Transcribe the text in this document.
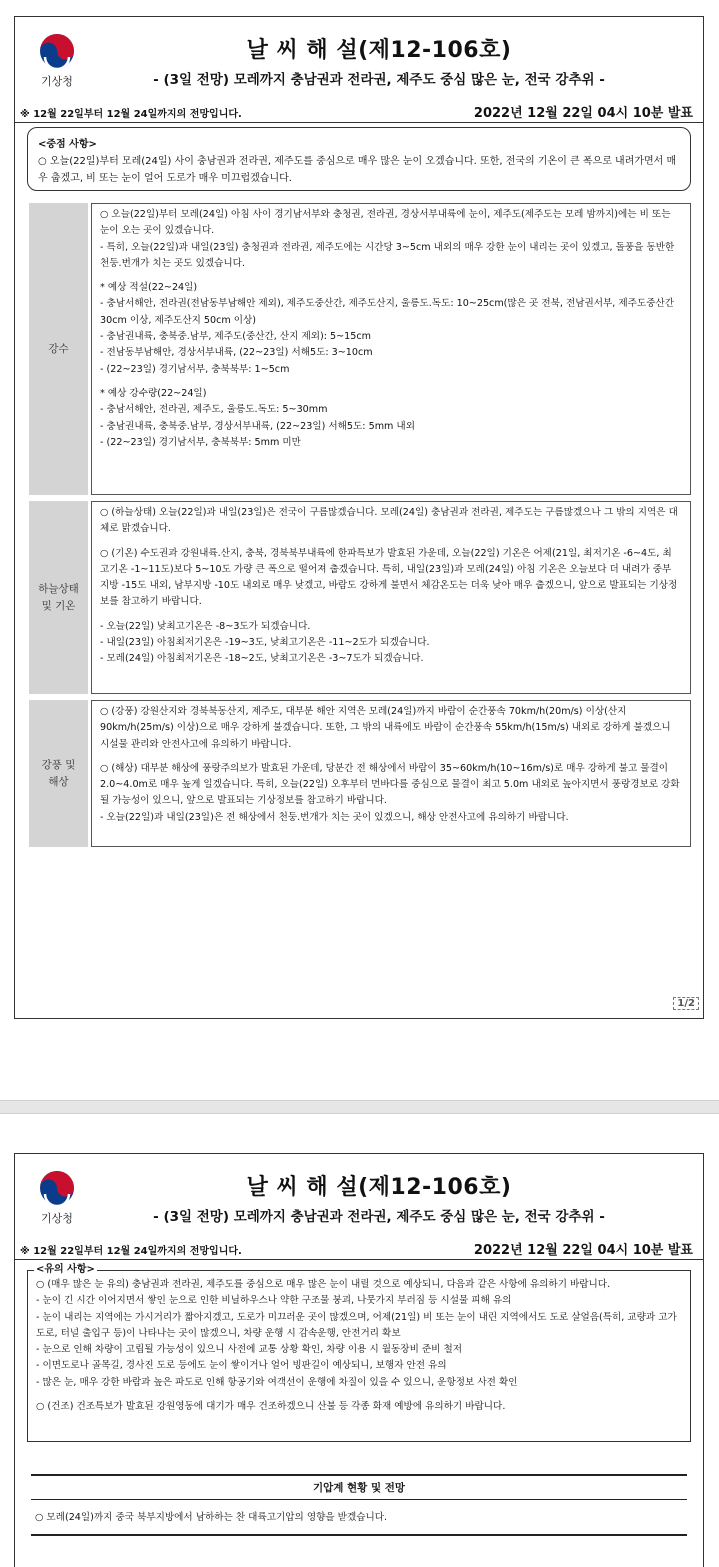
기상청
날 씨 해 설(제12-106호)
- (3일 전망) 모레까지 충남권과 전라권, 제주도 중심 많은 눈, 전국 강추위 -
※ 12월 22일부터 12월 24일까지의 전망입니다.	2022년 12월 22일 04시 10분 발표
<중점 사항>

○ 오늘(22일)부터 모레(24일) 사이 충남권과 전라권, 제주도를 중심으로 매우 많은 눈이 오겠습니다. 또한, 전국의 기온이 큰 폭으로 내려가면서 매우 춥겠고, 비 또는 눈이 얼어 도로가 매우 미끄럽겠습니다.

강수

○ 오늘(22일)부터 모레(24일) 아침 사이 경기남서부와 충청권, 전라권, 경상서부내륙에 눈이, 제주도(제주도는 모레 밤까지)에는 비 또는 눈이 오는 곳이 있겠습니다.

- 특히, 오늘(22일)과 내일(23일) 충청권과 전라권, 제주도에는 시간당 3~5cm 내외의 매우 강한 눈이 내리는 곳이 있겠고, 돌풍을 동반한 천둥.번개가 치는 곳도 있겠습니다.

* 예상 적설(22~24일)

- 충남서해안, 전라권(전남동부남해안 제외), 제주도중산간, 제주도산지, 울릉도.독도: 10~25cm(많은 곳 전북, 전남권서부, 제주도중산간 30cm 이상, 제주도산지 50cm 이상)

- 충남권내륙, 충북중.남부, 제주도(중산간, 산지 제외): 5~15cm

- 전남동부남해안, 경상서부내륙, (22~23일) 서해5도: 3~10cm

- (22~23일) 경기남서부, 충북북부: 1~5cm

* 예상 강수량(22~24일)

- 충남서해안, 전라권, 제주도, 울릉도.독도: 5~30mm

- 충남권내륙, 충북중.남부, 경상서부내륙, (22~23일) 서해5도: 5mm 내외

- (22~23일) 경기남서부, 충북북부: 5mm 미만

하늘상태 및 기온

○ (하늘상태) 오늘(22일)과 내일(23일)은 전국이 구름많겠습니다. 모레(24일) 충남권과 전라권, 제주도는 구름많겠으나 그 밖의 지역은 대체로 맑겠습니다.

○ (기온) 수도권과 강원내륙.산지, 충북, 경북북부내륙에 한파특보가 발효된 가운데, 오늘(22일) 기온은 어제(21일, 최저기온 -6~4도, 최고기온 -1~11도)보다 5~10도 가량 큰 폭으로 떨어져 춥겠습니다. 특히, 내일(23일)과 모레(24일) 아침 기온은 오늘보다 더 내려가 중부지방 -15도 내외, 남부지방 -10도 내외로 매우 낮겠고, 바람도 강하게 불면서 체감온도는 더욱 낮아 매우 춥겠으니, 앞으로 발표되는 기상정보를 참고하기 바랍니다.

- 오늘(22일) 낮최고기온은 -8~3도가 되겠습니다.

- 내일(23일) 아침최저기온은 -19~3도, 낮최고기온은 -11~2도가 되겠습니다.

- 모레(24일) 아침최저기온은 -18~2도, 낮최고기온은 -3~7도가 되겠습니다.

강풍 및 해상

○ (강풍) 강원산지와 경북북동산지, 제주도, 대부분 해안 지역은 모레(24일)까지 바람이 순간풍속 70km/h(20m/s) 이상(산지 90km/h(25m/s) 이상)으로 매우 강하게 불겠습니다. 또한, 그 밖의 내륙에도 바람이 순간풍속 55km/h(15m/s) 내외로 강하게 불겠으니 시설물 관리와 안전사고에 유의하기 바랍니다.

○ (해상) 대부분 해상에 풍랑주의보가 발효된 가운데, 당분간 전 해상에서 바람이 35~60km/h(10~16m/s)로 매우 강하게 불고 물결이 2.0~4.0m로 매우 높게 일겠습니다. 특히, 오늘(22일) 오후부터 먼바다를 중심으로 물결이 최고 5.0m 내외로 높아지면서 풍랑경보로 강화될 가능성이 있으니, 앞으로 발표되는 기상정보를 참고하기 바랍니다.

- 오늘(22일)과 내일(23일)은 전 해상에서 천둥.번개가 치는 곳이 있겠으니, 해상 안전사고에 유의하기 바랍니다.

1/2
기상청
날 씨 해 설(제12-106호)
- (3일 전망) 모레까지 충남권과 전라권, 제주도 중심 많은 눈, 전국 강추위 -
※ 12월 22일부터 12월 24일까지의 전망입니다.	2022년 12월 22일 04시 10분 발표
<유의 사항>

○ (매우 많은 눈 유의) 충남권과 전라권, 제주도를 중심으로 매우 많은 눈이 내릴 것으로 예상되니, 다음과 같은 사항에 유의하기 바랍니다.

- 눈이 긴 시간 이어지면서 쌓인 눈으로 인한 비닐하우스나 약한 구조물 붕괴, 나뭇가지 부러짐 등 시설물 피해 유의

- 눈이 내리는 지역에는 가시거리가 짧아지겠고, 도로가 미끄러운 곳이 많겠으며, 어제(21일) 비 또는 눈이 내린 지역에서도 도로 살얼음(특히, 교량과 고가도로, 터널 출입구 등)이 나타나는 곳이 많겠으니, 차량 운행 시 감속운행, 안전거리 확보

- 눈으로 인해 차량이 고립될 가능성이 있으니 사전에 교통 상황 확인, 차량 이용 시 월동장비 준비 철저

- 이면도로나 골목길, 경사진 도로 등에도 눈이 쌓이거나 얼어 빙판길이 예상되니, 보행자 안전 유의

- 많은 눈, 매우 강한 바람과 높은 파도로 인해 항공기와 여객선이 운행에 차질이 있을 수 있으니, 운항정보 사전 확인

○ (건조) 건조특보가 발효된 강원영동에 대기가 매우 건조하겠으니 산불 등 각종 화재 예방에 유의하기 바랍니다.

기압계 현황 및 전망
○ 모레(24일)까지 중국 북부지방에서 남하하는 찬 대륙고기압의 영향을 받겠습니다.
